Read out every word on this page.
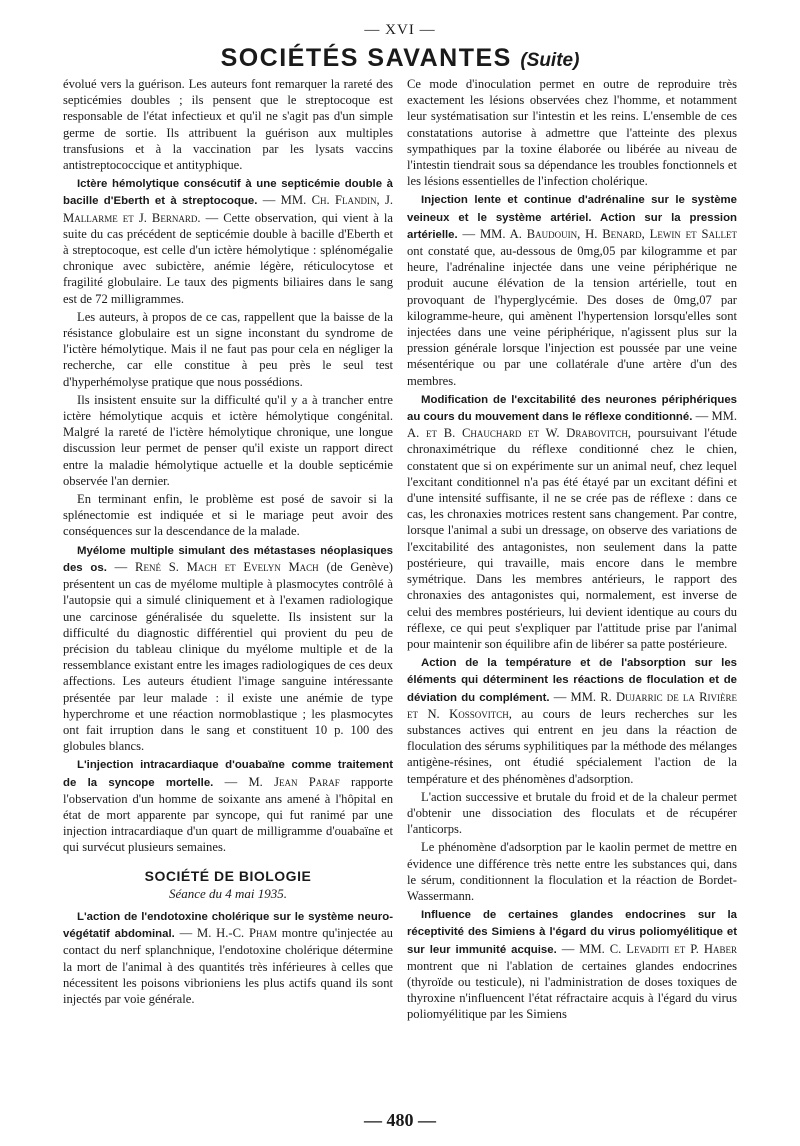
— XVI —
SOCIÉTÉS SAVANTES (Suite)

évolué vers la guérison. Les auteurs font remarquer la rareté des septicémies doubles ; ils pensent que le streptocoque est responsable de l'état infectieux et qu'il ne s'agit pas d'un simple germe de sortie. Ils attribuent la guérison aux multiples transfusions et à la vaccination par les lysats vaccins antistreptococcique et antityphique.

Ictère hémolytique consécutif à une septicémie double à bacille d'Eberth et à streptocoque. — MM. Ch. Flandin, J. Mallarme et J. Bernard. — Cette observation, qui vient à la suite du cas précédent de septicémie double à bacille d'Eberth et à streptocoque, est celle d'un ictère hémolytique : splénomégalie chronique avec subictère, anémie légère, réticulocytose et fragilité globulaire. Le taux des pigments biliaires dans le sang est de 72 milligrammes.

Les auteurs, à propos de ce cas, rappellent que la baisse de la résistance globulaire est un signe inconstant du syndrome de l'ictère hémolytique. Mais il ne faut pas pour cela en négliger la recherche, car elle constitue à peu près le seul test d'hyperhémolyse pratique que nous possédions.

Ils insistent ensuite sur la difficulté qu'il y a à trancher entre ictère hémolytique acquis et ictère hémolytique congénital. Malgré la rareté de l'ictère hémolytique chronique, une longue discussion leur permet de penser qu'il existe un rapport direct entre la maladie hémolytique actuelle et la double septicémie observée l'an dernier.

En terminant enfin, le problème est posé de savoir si la splénectomie est indiquée et si le mariage peut avoir des conséquences sur la descendance de la malade.

Myélome multiple simulant des métastases néoplasiques des os. — René S. Mach et Evelyn Mach (de Genève) présentent un cas de myélome multiple à plasmocytes contrôlé à l'autopsie qui a simulé cliniquement et à l'examen radiologique une carcinose généralisée du squelette. Ils insistent sur la difficulté du diagnostic différentiel qui provient du peu de précision du tableau clinique du myélome multiple et de la ressemblance existant entre les images radiologiques de ces deux affections. Les auteurs étudient l'image sanguine intéressante présentée par leur malade : il existe une anémie de type hyperchrome et une réaction normoblastique ; les plasmocytes ont fait irruption dans le sang et constituent 10 p. 100 des globules blancs.

L'injection intracardiaque d'ouabaïne comme traitement de la syncope mortelle. — M. Jean Paraf rapporte l'observation d'un homme de soixante ans amené à l'hôpital en état de mort apparente par syncope, qui fut ranimé par une injection intracardiaque d'un quart de milligramme d'ouabaïne et qui survécut plusieurs semaines.

SOCIÉTÉ DE BIOLOGIE
Séance du 4 mai 1935.

L'action de l'endotoxine cholérique sur le système neuro-végétatif abdominal. — M. H.-C. Pham montre qu'injectée au contact du nerf splanchnique, l'endotoxine cholérique détermine la mort de l'animal à des quantités très inférieures à celles que nécessitent les poisons vibrioniens les plus actifs quand ils sont injectés par voie générale.

Ce mode d'inoculation permet en outre de reproduire très exactement les lésions observées chez l'homme, et notamment leur systématisation sur l'intestin et les reins. L'ensemble de ces constatations autorise à admettre que l'atteinte des plexus sympathiques par la toxine élaborée ou libérée au niveau de l'intestin tiendrait sous sa dépendance les troubles fonctionnels et les lésions essentielles de l'infection cholérique.

Injection lente et continue d'adrénaline sur le système veineux et le système artériel. Action sur la pression artérielle. — MM. A. Baudouin, H. Benard, Lewin et Sallet ont constaté que, au-dessous de 0mg,05 par kilogramme et par heure, l'adrénaline injectée dans une veine périphérique ne produit aucune élévation de la tension artérielle, tout en provoquant de l'hyperglycémie. Des doses de 0mg,07 par kilogramme-heure, qui amènent l'hypertension lorsqu'elles sont injectées dans une veine périphérique, n'agissent plus sur la pression générale lorsque l'injection est poussée par une veine mésentérique ou par une collatérale d'une artère d'un des membres.

Modification de l'excitabilité des neurones périphériques au cours du mouvement dans le réflexe conditionné. — MM. A. et B. Chauchard et W. Drabovitch, poursuivant l'étude chronaximétrique du réflexe conditionné chez le chien, constatent que si on expérimente sur un animal neuf, chez lequel l'excitant conditionnel n'a pas été étayé par un excitant défini et d'une intensité suffisante, il ne se crée pas de réflexe : dans ce cas, les chronaxies motrices restent sans changement. Par contre, lorsque l'animal a subi un dressage, on observe des variations de l'excitabilité des antagonistes, non seulement dans la patte postérieure, qui travaille, mais encore dans le membre symétrique. Dans les membres antérieurs, le rapport des chronaxies des antagonistes qui, normalement, est inverse de celui des membres postérieurs, lui devient identique au cours du réflexe, ce qui peut s'expliquer par l'attitude prise par l'animal pour maintenir son équilibre afin de libérer sa patte postérieure.

Action de la température et de l'absorption sur les éléments qui déterminent les réactions de floculation et de déviation du complément. — MM. R. Dujarric de la Rivière et N. Kossovitch, au cours de leurs recherches sur les substances actives qui entrent en jeu dans la réaction de floculation des sérums syphilitiques par la méthode des mélanges antigène-résines, ont étudié spécialement l'action de la température et des phénomènes d'adsorption.

L'action successive et brutale du froid et de la chaleur permet d'obtenir une dissociation des floculats et de récupérer l'anticorps.

Le phénomène d'adsorption par le kaolin permet de mettre en évidence une différence très nette entre les substances qui, dans le sérum, conditionnent la floculation et la réaction de Bordet-Wassermann.

Influence de certaines glandes endocrines sur la réceptivité des Simiens à l'égard du virus poliomyélitique et sur leur immunité acquise. — MM. C. Levaditi et P. Haber montrent que ni l'ablation de certaines glandes endocrines (thyroïde ou testicule), ni l'administration de doses toxiques de thyroxine n'influencent l'état réfractaire acquis à l'égard du virus poliomyélitique par les Simiens

— 480 —
